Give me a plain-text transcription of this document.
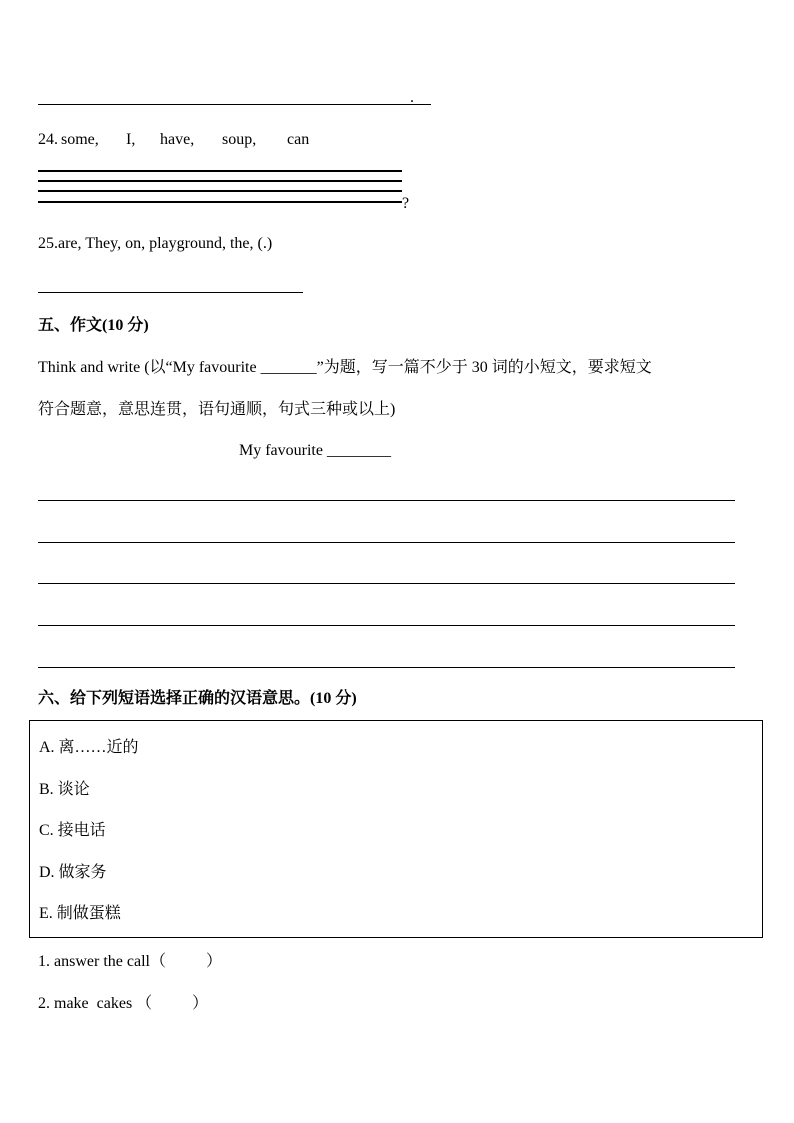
.
24. some, I, have, soup, can
?
25.are, They, on, playground, the, (.)
五、作文(10 分)
Think and write (以“My favourite _______”为题，写一篇不少于 30 词的小短文，要求短文
符合题意，意思连贯，语句通顺，句式三种或以上)
My favourite ________
六、给下列短语选择正确的汉语意思。(10 分)
A. 离……近的
B. 谈论
C. 接电话
D. 做家务
E. 制做蛋糕
1. answer the call（          ）
2. make  cakes （          ）
